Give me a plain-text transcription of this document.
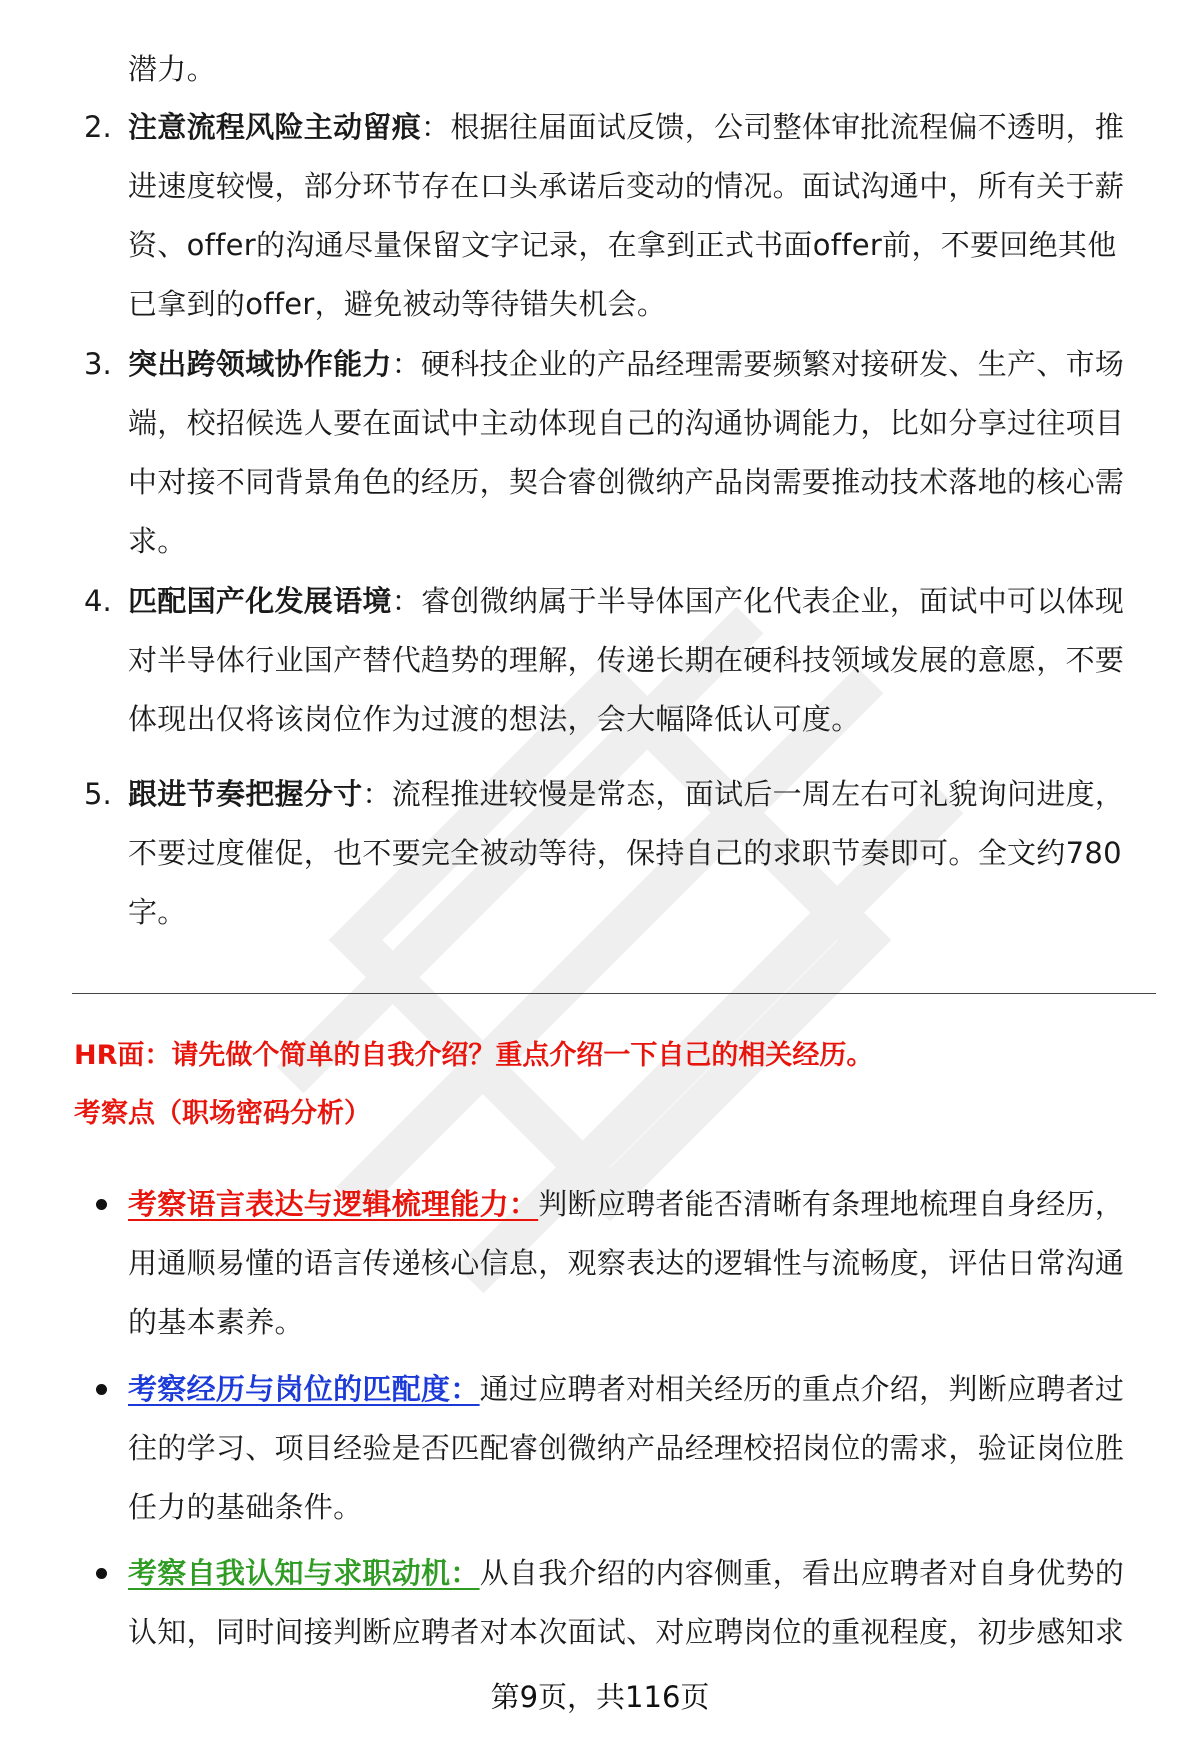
潜力。
2. 注意流程风险主动留痕：根据往届面试反馈，公司整体审批流程偏不透明，推进速度较慢，部分环节存在口头承诺后变动的情况。面试沟通中，所有关于薪资、offer的沟通尽量保留文字记录，在拿到正式书面offer前，不要回绝其他已拿到的offer，避免被动等待错失机会。
3. 突出跨领域协作能力：硬科技企业的产品经理需要频繁对接研发、生产、市场端，校招候选人要在面试中主动体现自己的沟通协调能力，比如分享过往项目中对接不同背景角色的经历，契合睿创微纳产品岗需要推动技术落地的核心需求。
4. 匹配国产化发展语境：睿创微纳属于半导体国产化代表企业，面试中可以体现对半导体行业国产替代趋势的理解，传递长期在硬科技领域发展的意愿，不要体现出仅将该岗位作为过渡的想法，会大幅降低认可度。
5. 跟进节奏把握分寸：流程推进较慢是常态，面试后一周左右可礼貌询问进度，不要过度催促，也不要完全被动等待，保持自己的求职节奏即可。全文约780字。
HR面：请先做个简单的自我介绍？重点介绍一下自己的相关经历。
考察点（职场密码分析）
考察语言表达与逻辑梳理能力：判断应聘者能否清晰有条理地梳理自身经历，用通顺易懂的语言传递核心信息，观察表达的逻辑性与流畅度，评估日常沟通的基本素养。
考察经历与岗位的匹配度：通过应聘者对相关经历的重点介绍，判断应聘者过往的学习、项目经验是否匹配睿创微纳产品经理校招岗位的需求，验证岗位胜任力的基础条件。
考察自我认知与求职动机：从自我介绍的内容侧重，看出应聘者对自身优势的认知，同时间接判断应聘者对本次面试、对应聘岗位的重视程度，初步感知求
第9页，共116页
